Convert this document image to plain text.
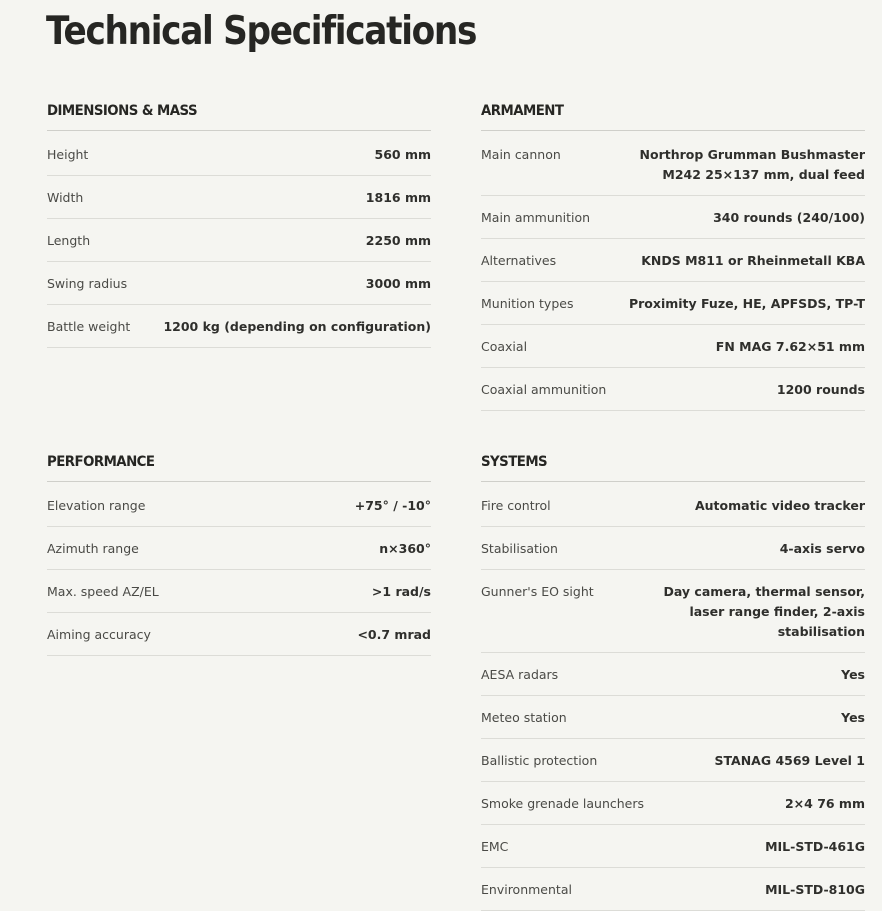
Technical Specifications
DIMENSIONS & MASS
Height	560 mm
Width	1816 mm
Length	2250 mm
Swing radius	3000 mm
Battle weight	1200 kg (depending on configuration)
ARMAMENT
Main cannon	Northrop Grumman Bushmaster M242 25×137 mm, dual feed
Main ammunition	340 rounds (240/100)
Alternatives	KNDS M811 or Rheinmetall KBA
Munition types	Proximity Fuze, HE, APFSDS, TP-T
Coaxial	FN MAG 7.62×51 mm
Coaxial ammunition	1200 rounds
PERFORMANCE
Elevation range	+75° / -10°
Azimuth range	n×360°
Max. speed AZ/EL	>1 rad/s
Aiming accuracy	<0.7 mrad
SYSTEMS
Fire control	Automatic video tracker
Stabilisation	4-axis servo
Gunner's EO sight	Day camera, thermal sensor, laser range finder, 2-axis stabilisation
AESA radars	Yes
Meteo station	Yes
Ballistic protection	STANAG 4569 Level 1
Smoke grenade launchers	2×4 76 mm
EMC	MIL-STD-461G
Environmental	MIL-STD-810G
